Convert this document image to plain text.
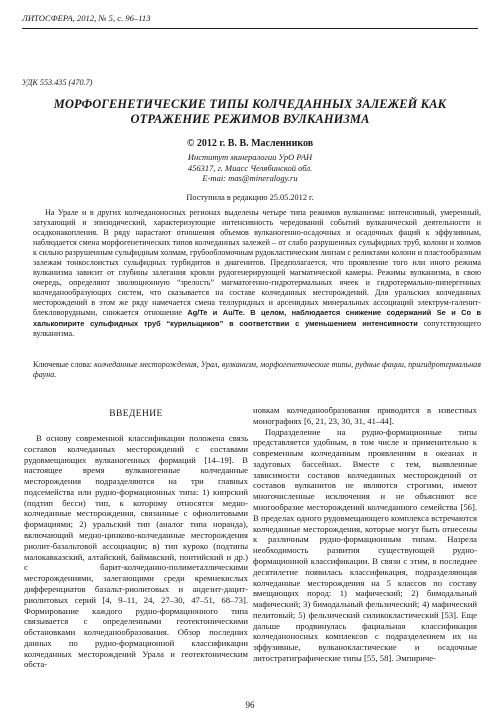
ЛИТОСФЕРА, 2012, № 5, с. 96–113
УДК 553.435 (470.7)
МОРФОГЕНЕТИЧЕСКИЕ ТИПЫ КОЛЧЕДАННЫХ ЗАЛЕЖЕЙ КАК ОТРАЖЕНИЕ РЕЖИМОВ ВУЛКАНИЗМА
© 2012 г. В. В. Масленников
Институт минералогии УрО РАН
456317, г. Миасс Челябинской обл.
E-mai: mas@mineralogy.ru
Поступила в редакцию 25.05.2012 г.

На Урале и в других колчеданоносных регионах выделены четыре типа режимов вулканизма: интенсивный, умеренный, затухающий и эпизодический, характеризующие интенсивность чередований событий вулканической деятельности и осадконакопления. В ряду нарастают отношения объемов вулканогенно-осадочных и осадочных фаций к эффузивным, наблюдается смена морфогенетических типов колчеданных залежей – от слабо разрушенных сульфидных труб, колонн и холмов к сильно разрушенным сульфидным холмам, грубообломочным рудокластическим линзам с реликтами колонн и пластообразным залежам тонкослоистых сульфидных турбидитов и диагенитов. Предполагается, что проявление того или иного режима вулканизма зависит от глубины залегания кровли рудогенерирующей магматической камеры. Режимы вулканизма, в свою очередь, определяют эволюционную “зрелость” магматогенно-гидротермальных ячеек и гидротермально-пипергенных колчеданообразующих систем, что сказывается на составе колчеданных месторождений. Для уральских колчеданных месторождений в этом же ряду намечается смена теллуридных и арсенидных минеральных ассоциаций электрум-галенит-блекловорудными, снижается отношение Ag/Te и Au/Te. В целом, наблюдается снижение содержаний Se и Co в халькопирите сульфидных труб “курильщиков” в соответствии с уменьшением интенсивности сопутствующего вулканизма.

Ключевые слова: колчеданные месторождения, Урал, вулканизм, морфогенетические типы, рудные фации, пригидротермальная фауна.

ВВЕДЕНИЕ

В основу современной классификации положена связь составов колчеданных месторождений с составами рудовмещающих вулканогенных формаций [14–19]. В настоящее время вулканогенные колчеданные месторождения подразделяются на три главных подсемейства или рудно-формационных типа: 1) кипрский (подтип бесси) тип, к которому относятся медно-колчеданные месторождения, связанные с офиолитовыми формациями; 2) уральский тип (аналог типа норанда), включающий медно-цинково-колчеданные месторождения риолит-базальтовой ассоциации; в) тип куроко (подтипы малокавказский, алтайский, баймакский, понтийский и др.) с барит-колчеданно-полиметаллическими месторождениями, залегающими среди кремнекислых дифференциатов базальт-риолитовых и андезит-дацит-риолитовых серий [4, 9–11, 24, 27–30, 47–51, 68–73]. Формирование каждого рудно-формационного типа связывается с определенными геотектоническими обстановками колчеданообразования. Обзор последних данных по рудно-формационной классификации колчеданных месторождений Урала и геотектоническим обста-

новкам колчеданообразования приводится в известных монографиях [6, 21, 23, 30, 31, 41–44].

Подразделение на рудно-формационные типы представляется удобным, в том числе и применительно к современным колчеданным проявлениям в океанах и задуговых бассейнах. Вместе с тем, выявленные зависимости составов колчеданных месторождений от составов вулканитов не являются строгими, имеют многочисленные исключения и не объясняют все многообразие месторождений колчеданного семейства [56]. В пределах одного рудовмещающего комплекса встречаются колчеданные месторождения, которые могут быть отнесены к различным рудно-формационным типам. Назрела необходимость развития существующей рудно-формационной классификации. В связи с этим, в последнее десятилетие появилась классификация, подразделяющая колчеданные месторождения на 5 классов по составу вмещающих пород: 1) мафический; 2) бимодальный мафический; 3) бимодальный фельзический; 4) мафический пелитовый; 5) фельзический силикокластический [53]. Еще дальше продвинулась фациальная классификация колчеданоносных комплексов с подразделением их на эффузивные, вулканокластические и осадочные литостратиграфические типы [55, 58]. Эмпириче-

96
